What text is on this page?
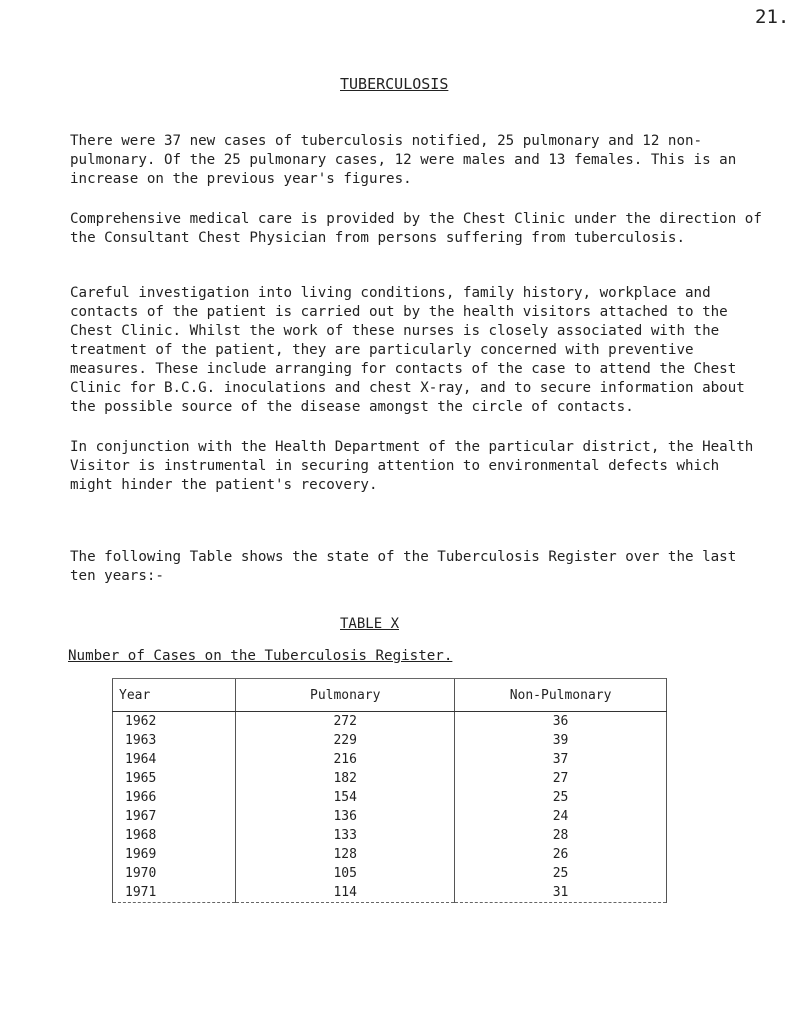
21.
TUBERCULOSIS

There were 37 new cases of tuberculosis notified, 25 pulmonary and 12 non-pulmonary. Of the 25 pulmonary cases, 12 were males and 13 females. This is an increase on the previous year's figures.

Comprehensive medical care is provided by the Chest Clinic under the direction of the Consultant Chest Physician from persons suffering from tuberculosis.

Careful investigation into living conditions, family history, workplace and contacts of the patient is carried out by the health visitors attached to the Chest Clinic. Whilst the work of these nurses is closely associated with the treatment of the patient, they are particularly concerned with preventive measures. These include arranging for contacts of the case to attend the Chest Clinic for B.C.G. inoculations and chest X-ray, and to secure information about the possible source of the disease amongst the circle of contacts.

In conjunction with the Health Department of the particular district, the Health Visitor is instrumental in securing attention to environmental defects which might hinder the patient's recovery.

The following Table shows the state of the Tuberculosis Register over the last ten years:-

TABLE X
Number of Cases on the Tuberculosis Register.
Year	Pulmonary	Non-Pulmonary
1962	272	36
1963	229	39
1964	216	37
1965	182	27
1966	154	25
1967	136	24
1968	133	28
1969	128	26
1970	105	25
1971	114	31
